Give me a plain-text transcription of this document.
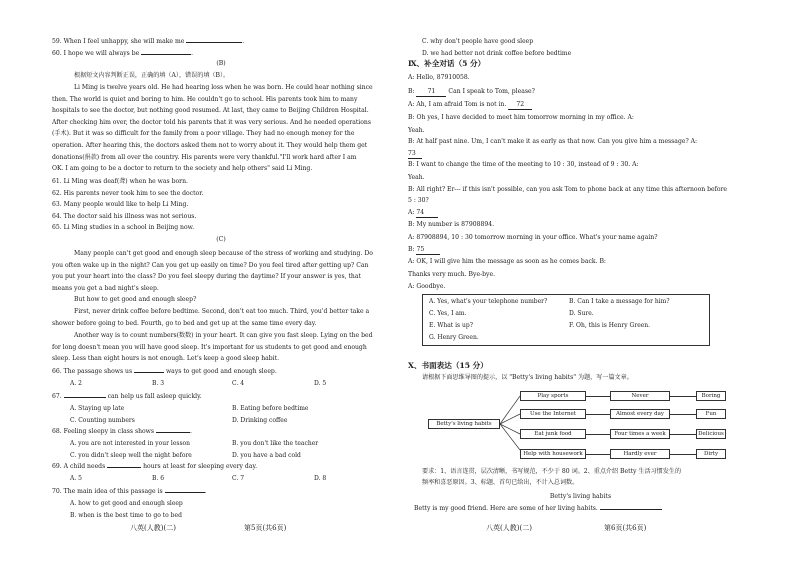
59. When I feel unhappy, she will make me	.
60. I hope we will always be	.
(B)
根据短文内容判断正误，正确的填（A），错误的填（B）。
Li Ming is twelve years old. He had hearing loss when he was born. He could hear nothing since
then. The world is quiet and boring to him. He couldn't go to school. His parents took him to many
hospitals to see the doctor, but nothing good resumed. At last, they came to Beijing Children Hospital.
After checking him over, the doctor told his parents that it was very serious. And he needed operations
(手术). But it was so difficult for the family from a poor village. They had no enough money for the
operation. After hearing this, the doctors asked them not to worry about it. They would help them get
donations(捐款) from all over the country. His parents were very thankful."I'll work hard after I am
OK. I am going to be a doctor to return to the society and help others" said Li Ming.
61. Li Ming was deaf(聋) when he was born.
62. His parents never took him to see the doctor.
63. Many people would like to help Li Ming.
64. The doctor said his illness was not serious.
65. Li Ming studies in a school in Beijing now.
(C)
Many people can't get good and enough sleep because of the stress of working and studying. Do
you often wake up in the night? Can you get up easily on time? Do you feel tired after getting up? Can
you put your heart into the class? Do you feel sleepy during the daytime? If your answer is yes, that
means you get a bad night's sleep.
But how to get good and enough sleep?
First, never drink coffee before bedtime. Second, don't eat too much. Third, you'd better take a
shower before going to bed. Fourth, go to bed and get up at the same time every day.
Another way is to count numbers(数数) in your heart. It can give you fast sleep. Lying on the bed
for long doesn't mean you will have good sleep. It's important for us students to get good and enough
sleep. Less than eight hours is not enough. Let's keep a good sleep habit.
66. The passage shows us	ways to get good and enough sleep.
A. 2	B. 3	C. 4	D. 5
67.	can help us fall asleep quickly.
A. Staying up late	B. Eating before bedtime
C. Counting numbers	D. Drinking coffee
68. Feeling sleepy in class shows	.
A. you are not interested in your lesson	B. you don't like the teacher
C. you didn't sleep well the night before	D. you have a bad cold
69. A child needs	hours at least for sleeping every day.
A. 5	B. 6	C. 7	D. 8
70. The main idea of this passage is	.
A. how to get good and enough sleep
B. when is the best time to go to bed
八英(人教)(二)	第5页(共6页)
C. why don't people have good sleep
D. we had better not drink coffee before bedtime
Ⅸ、补全对话（5 分）
A: Hello, 87910058.
B: 71 Can I speak to Tom, please?
A: Ah, I am afraid Tom is not in. 72
B: Oh yes, I have decided to meet him tomorrow morning in my office. A:
Yeah.
B: At half past nine. Um, I can't make it as early as that now. Can you give him a message? A:
73
B: I want to change the time of the meeting to 10 : 30, instead of 9 : 30. A:
Yeah.
B: All right? Er--- if this isn't possible, can you ask Tom to phone back at any time this afternoon before
5 : 30?
A: 74
B: My number is 87908894.
A: 87908894, 10 : 30 tomorrow morning in your office. What's your name again?
B: 75
A: OK, I will give him the message as soon as he comes back. B:
Thanks very much. Bye-bye.
A: Goodbye.
A. Yes, what's your telephone number?	B. Can I take a message for him?
C. Yes, I am.	D. Sure.
E. What is up?	F. Oh, this is Henry Green.
G. Henry Green.
Ⅹ、书面表达（15 分）
请根据下面思维导图的提示，以 "Betty's living habits" 为题，写一篇文章。
Betty's living habits
Play sports
Use the Internet
Eat junk food
Help with housework
Never
Almost every day
Four times a week
Hardly ever
Boring
Fun
Delicious
Dirty
要求：1、语言连贯，层次清晰，书写规范，不少于 80 词。2、重点介绍 Betty 生活习惯发生的
频率和喜恶原因。3、标题、首句已给出，不计入总词数。
Betty's living habits
Betty is my good friend. Here are some of her living habits.
八英(人教)(二)	第6页(共6页)
